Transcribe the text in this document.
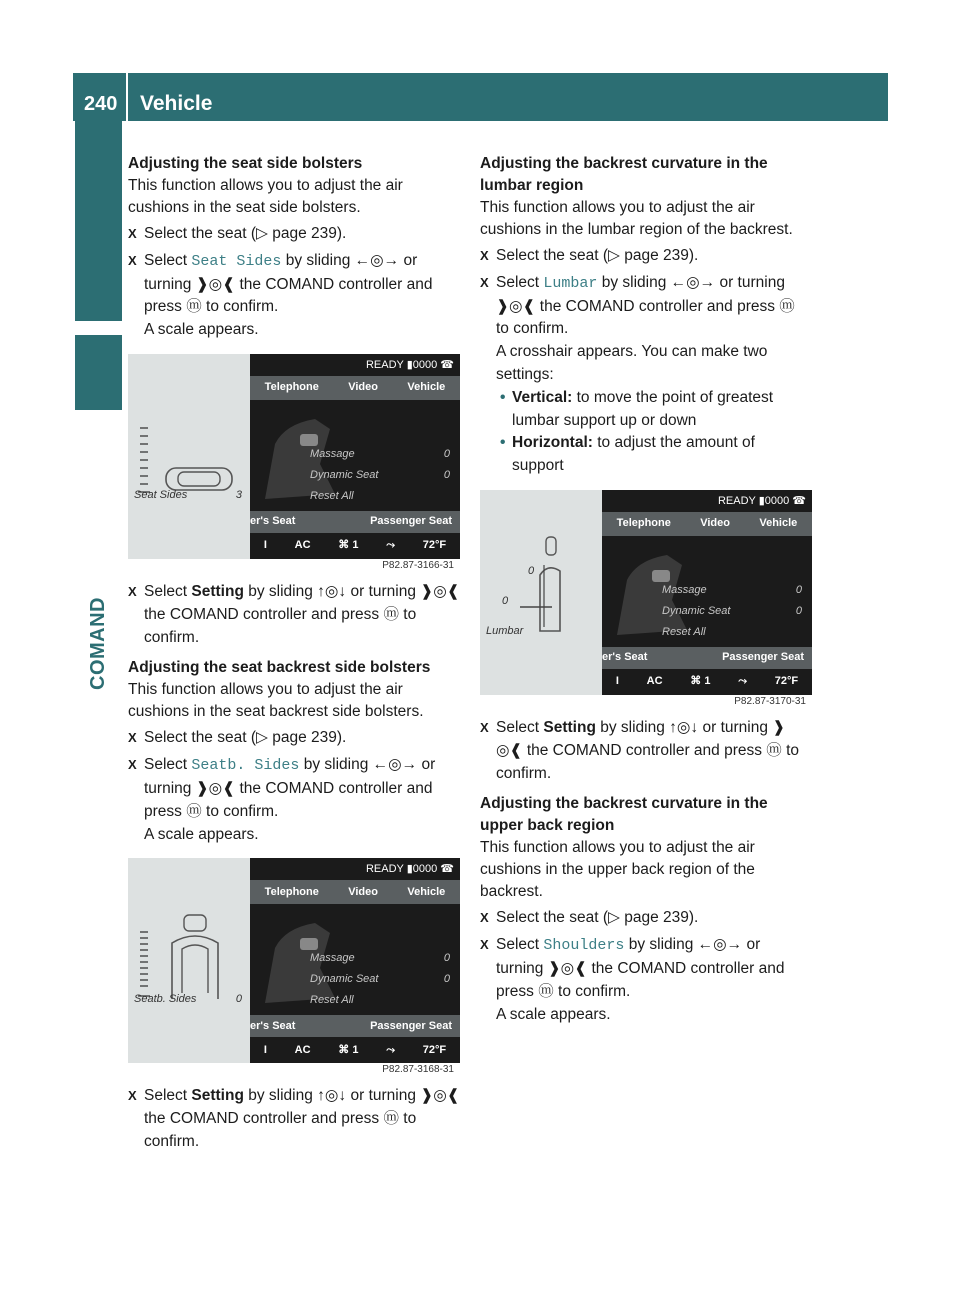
240 Vehicle
COMAND
Adjusting the seat side bolsters

This function allows you to adjust the air cushions in the seat side bolsters.

X Select the seat (▷ page 239).
X Select Seat Sides by sliding ←◎→ or turning ❱◎❰ the COMAND controller and press ⓜ to confirm.
A scale appears.
Seat Sides	3
READY ▮0000 ☎
Telephone	Video	Vehicle
Massage	0
Dynamic Seat	0
Reset All
er's Seat	Passenger Seat
I	AC	⌘ 1	⤳	72°F
P82.87-3166-31
X Select Setting by sliding ↑◎↓ or turning ❱◎❰ the COMAND controller and press ⓜ to confirm.
Adjusting the seat backrest side bolsters

This function allows you to adjust the air cushions in the seat backrest side bolsters.

X Select the seat (▷ page 239).
X Select Seatb. Sides by sliding ←◎→ or turning ❱◎❰ the COMAND controller and press ⓜ to confirm.
A scale appears.
Seatb. Sides	0
READY ▮0000 ☎
Telephone	Video	Vehicle
Massage	0
Dynamic Seat	0
Reset All
er's Seat	Passenger Seat
I	AC	⌘ 1	⤳	72°F
P82.87-3168-31
X Select Setting by sliding ↑◎↓ or turning ❱◎❰ the COMAND controller and press ⓜ to confirm.
Adjusting the backrest curvature in the lumbar region

This function allows you to adjust the air cushions in the lumbar region of the backrest.

X Select the seat (▷ page 239).
X Select Lumbar by sliding ←◎→ or turning ❱◎❰ the COMAND controller and press ⓜ to confirm.
A crosshair appears. You can make two settings:
• Vertical: to move the point of greatest lumbar support up or down
• Horizontal: to adjust the amount of support
0
0
Lumbar
READY ▮0000 ☎
Telephone	Video	Vehicle
Massage	0
Dynamic Seat	0
Reset All
er's Seat	Passenger Seat
I	AC	⌘ 1	⤳	72°F
P82.87-3170-31
X Select Setting by sliding ↑◎↓ or turning ❱◎❰ the COMAND controller and press ⓜ to confirm.
Adjusting the backrest curvature in the upper back region

This function allows you to adjust the air cushions in the upper back region of the backrest.

X Select the seat (▷ page 239).
X Select Shoulders by sliding ←◎→ or turning ❱◎❰ the COMAND controller and press ⓜ to confirm.
A scale appears.
